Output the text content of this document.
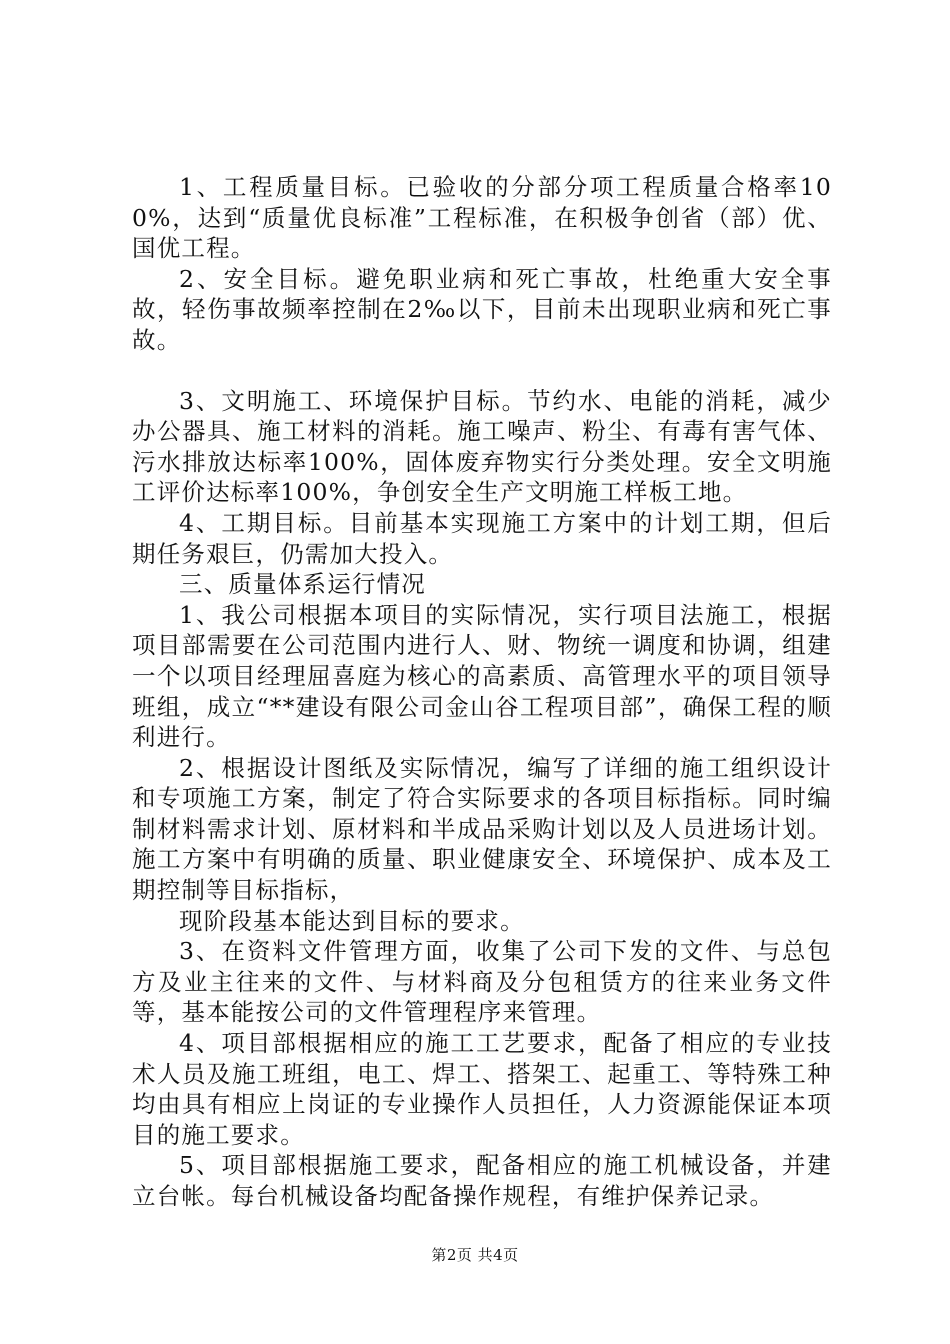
1、工程质量目标。已验收的分部分项工程质量合格率100%，达到“质量优良标准”工程标准，在积极争创省（部）优、国优工程。

2、安全目标。避免职业病和死亡事故，杜绝重大安全事故，轻伤事故频率控制在2‰以下，目前未出现职业病和死亡事故。

3、文明施工、环境保护目标。节约水、电能的消耗，减少办公器具、施工材料的消耗。施工噪声、粉尘、有毒有害气体、污水排放达标率100%，固体废弃物实行分类处理。安全文明施工评价达标率100%，争创安全生产文明施工样板工地。

4、工期目标。目前基本实现施工方案中的计划工期，但后期任务艰巨，仍需加大投入。

三、质量体系运行情况

1、我公司根据本项目的实际情况，实行项目法施工，根据项目部需要在公司范围内进行人、财、物统一调度和协调，组建一个以项目经理屈喜庭为核心的高素质、高管理水平的项目领导班组，成立“**建设有限公司金山谷工程项目部”，确保工程的顺利进行。

2、根据设计图纸及实际情况，编写了详细的施工组织设计和专项施工方案，制定了符合实际要求的各项目标指标。同时编制材料需求计划、原材料和半成品采购计划以及人员进场计划。施工方案中有明确的质量、职业健康安全、环境保护、成本及工期控制等目标指标，

现阶段基本能达到目标的要求。

3、在资料文件管理方面，收集了公司下发的文件、与总包方及业主往来的文件、与材料商及分包租赁方的往来业务文件等，基本能按公司的文件管理程序来管理。

4、项目部根据相应的施工工艺要求，配备了相应的专业技术人员及施工班组，电工、焊工、搭架工、起重工、等特殊工种均由具有相应上岗证的专业操作人员担任，人力资源能保证本项目的施工要求。

5、项目部根据施工要求，配备相应的施工机械设备，并建立台帐。每台机械设备均配备操作规程，有维护保养记录。

第2页 共4页
